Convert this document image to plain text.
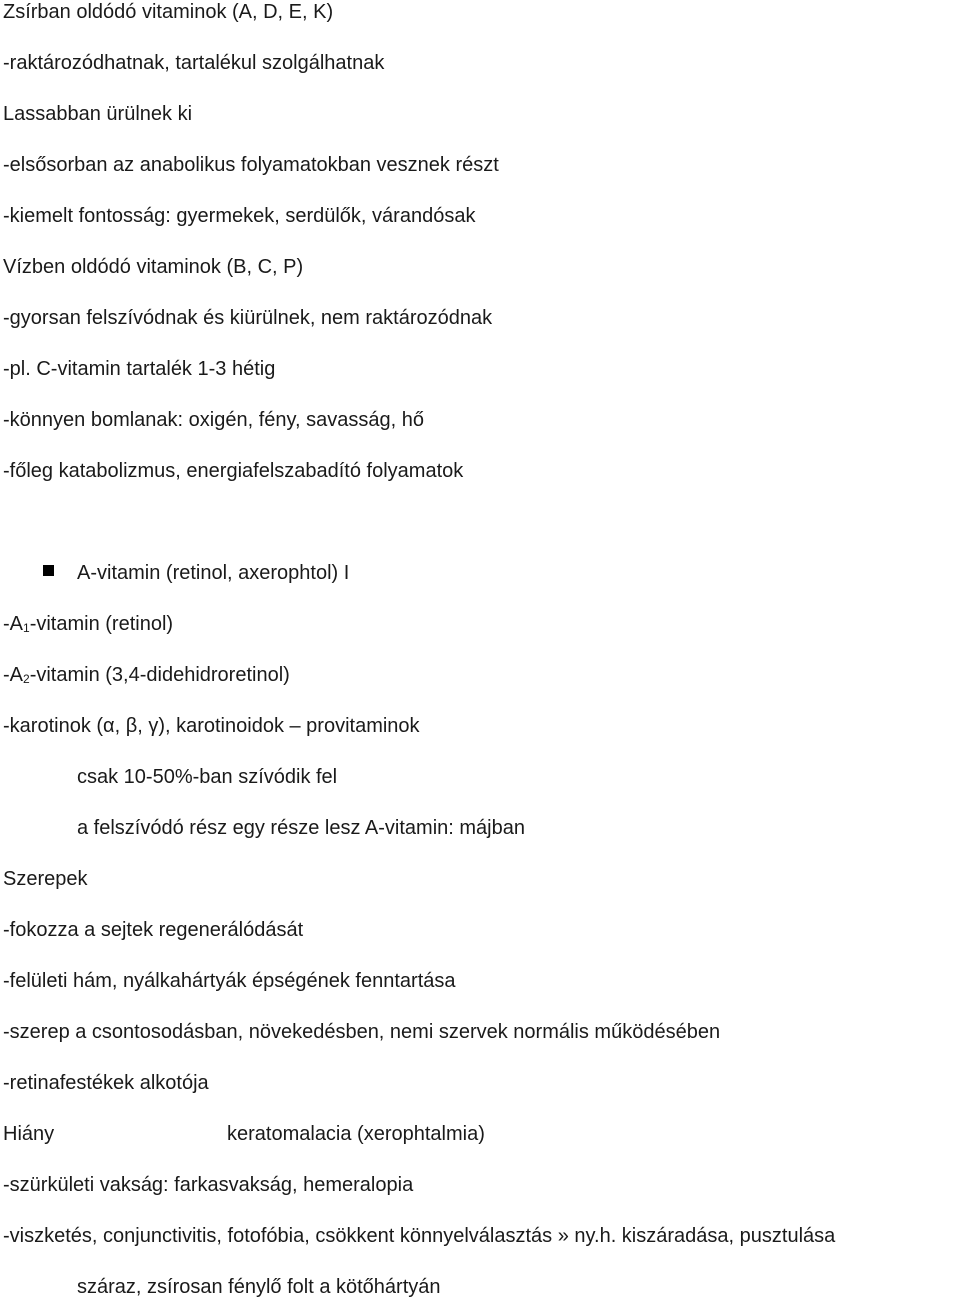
Zsírban oldódó vitaminok (A, D, E, K)
-raktározódhatnak, tartalékul szolgálhatnak
Lassabban ürülnek ki
-elsősorban az anabolikus folyamatokban vesznek részt
-kiemelt fontosság: gyermekek, serdülők, várandósak
Vízben oldódó vitaminok (B, C, P)
-gyorsan felszívódnak és kiürülnek, nem raktározódnak
-pl. C-vitamin tartalék 1-3 hétig
-könnyen bomlanak: oxigén, fény, savasság, hő
-főleg katabolizmus, energiafelszabadító folyamatok
A-vitamin (retinol, axerophtol) I
$-A_1$-vitamin (retinol)
$-A_2$-vitamin (3,4-didehidroretinol)
-karotinok (α, β, γ), karotinoidok – provitaminok
csak 10-50%-ban szívódik fel
a felszívódó rész egy része lesz A-vitamin: májban
Szerepek
-fokozza a sejtek regenerálódását
-felületi hám, nyálkahártyák épségének fenntartása
-szerep a csontosodásban, növekedésben, nemi szervek normális működésében
-retinafestékek alkotója
Hiány	keratomalacia (xerophtalmia)
-szürkületi vakság: farkasvakság, hemeralopia
-viszketés, conjunctivitis, fotofóbia, csökkent könnyelválasztás » ny.h. kiszáradása, pusztulása
száraz, zsírosan fénylő folt a kötőhártyán
